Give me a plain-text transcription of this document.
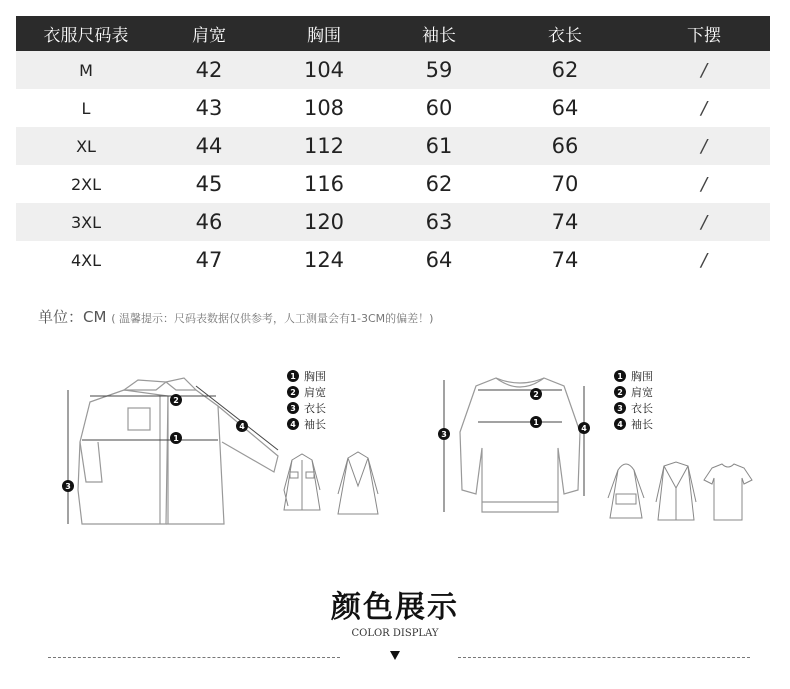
衣服尺码表	肩宽	胸围	袖长	衣长	下摆
M	42	104	59	62	/
L	43	108	60	64	/
XL	44	112	61	66	/
2XL	45	116	62	70	/
3XL	46	120	63	74	/
4XL	47	124	64	74	/
单位：CM ( 温馨提示：尺码表数据仅供参考，人工测量会有1-3CM的偏差！)
1
2
3
4
1 胸围
2 肩宽
3 衣长
4 袖长	1
2
3
4
1 胸围
2 肩宽
3 衣长
4 袖长
颜色展示
COLOR DISPLAY
